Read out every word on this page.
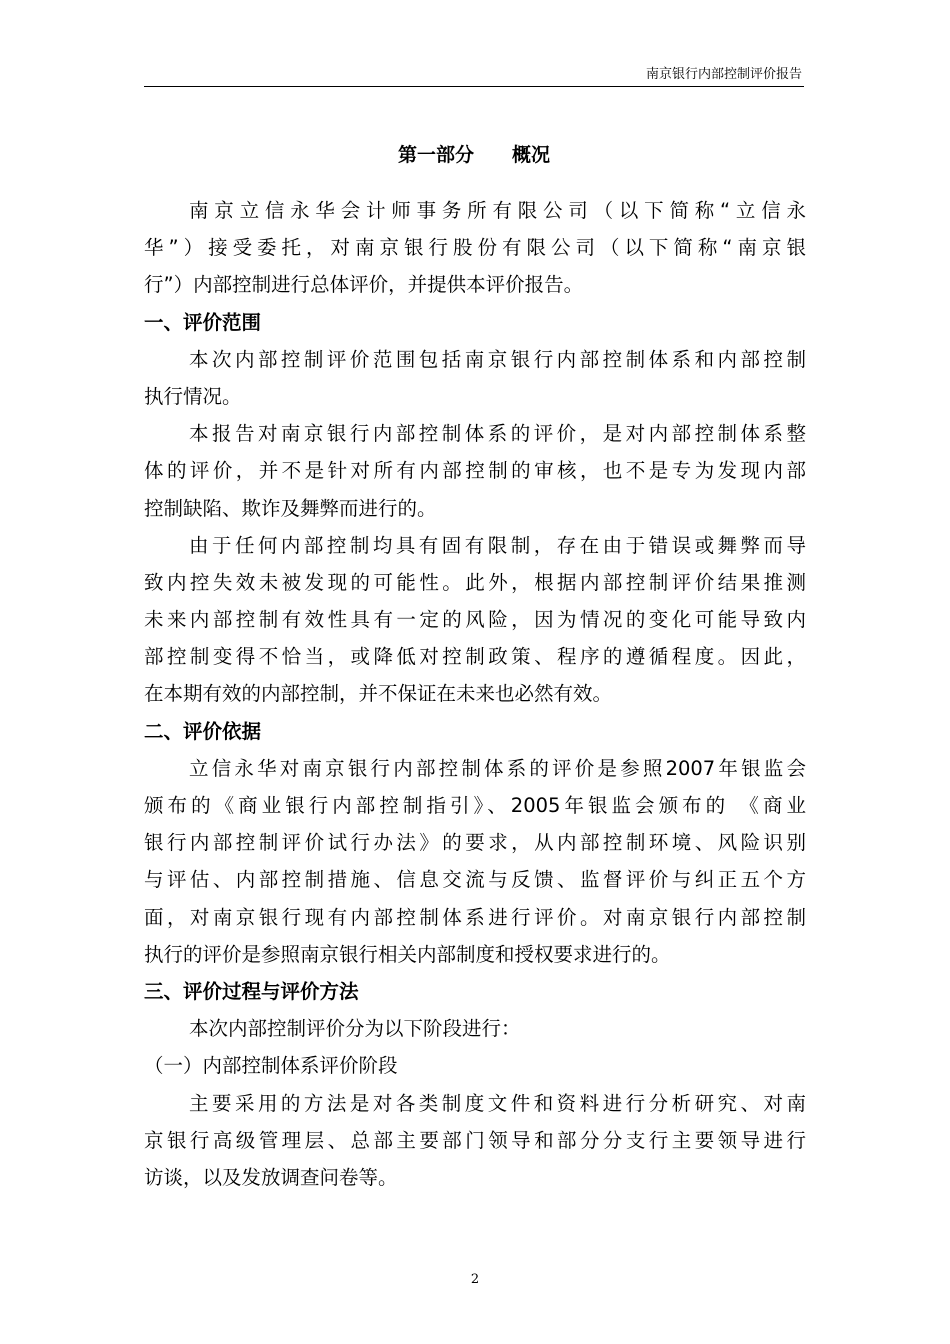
南京银行内部控制评价报告
第一部分 概况
南京立信永华会计师事务所有限公司（以下简称“立信永
华”）接受委托，对南京银行股份有限公司（以下简称“南京银
行”）内部控制进行总体评价，并提供本评价报告。
一、评价范围
本次内部控制评价范围包括南京银行内部控制体系和内部控制
执行情况。
本报告对南京银行内部控制体系的评价，是对内部控制体系整
体的评价，并不是针对所有内部控制的审核，也不是专为发现内部
控制缺陷、欺诈及舞弊而进行的。
由于任何内部控制均具有固有限制，存在由于错误或舞弊而导
致内控失效未被发现的可能性。此外，根据内部控制评价结果推测
未来内部控制有效性具有一定的风险，因为情况的变化可能导致内
部控制变得不恰当，或降低对控制政策、程序的遵循程度。因此，
在本期有效的内部控制，并不保证在未来也必然有效。
二、评价依据
立信永华对南京银行内部控制体系的评价是参照2007年银监会
颁布的《商业银行内部控制指引》、2005年银监会颁布的 《商业
银行内部控制评价试行办法》的要求，从内部控制环境、风险识别
与评估、内部控制措施、信息交流与反馈、监督评价与纠正五个方
面，对南京银行现有内部控制体系进行评价。对南京银行内部控制
执行的评价是参照南京银行相关内部制度和授权要求进行的。
三、评价过程与评价方法
本次内部控制评价分为以下阶段进行：
（一）内部控制体系评价阶段
主要采用的方法是对各类制度文件和资料进行分析研究、对南
京银行高级管理层、总部主要部门领导和部分分支行主要领导进行
访谈，以及发放调查问卷等。
2
